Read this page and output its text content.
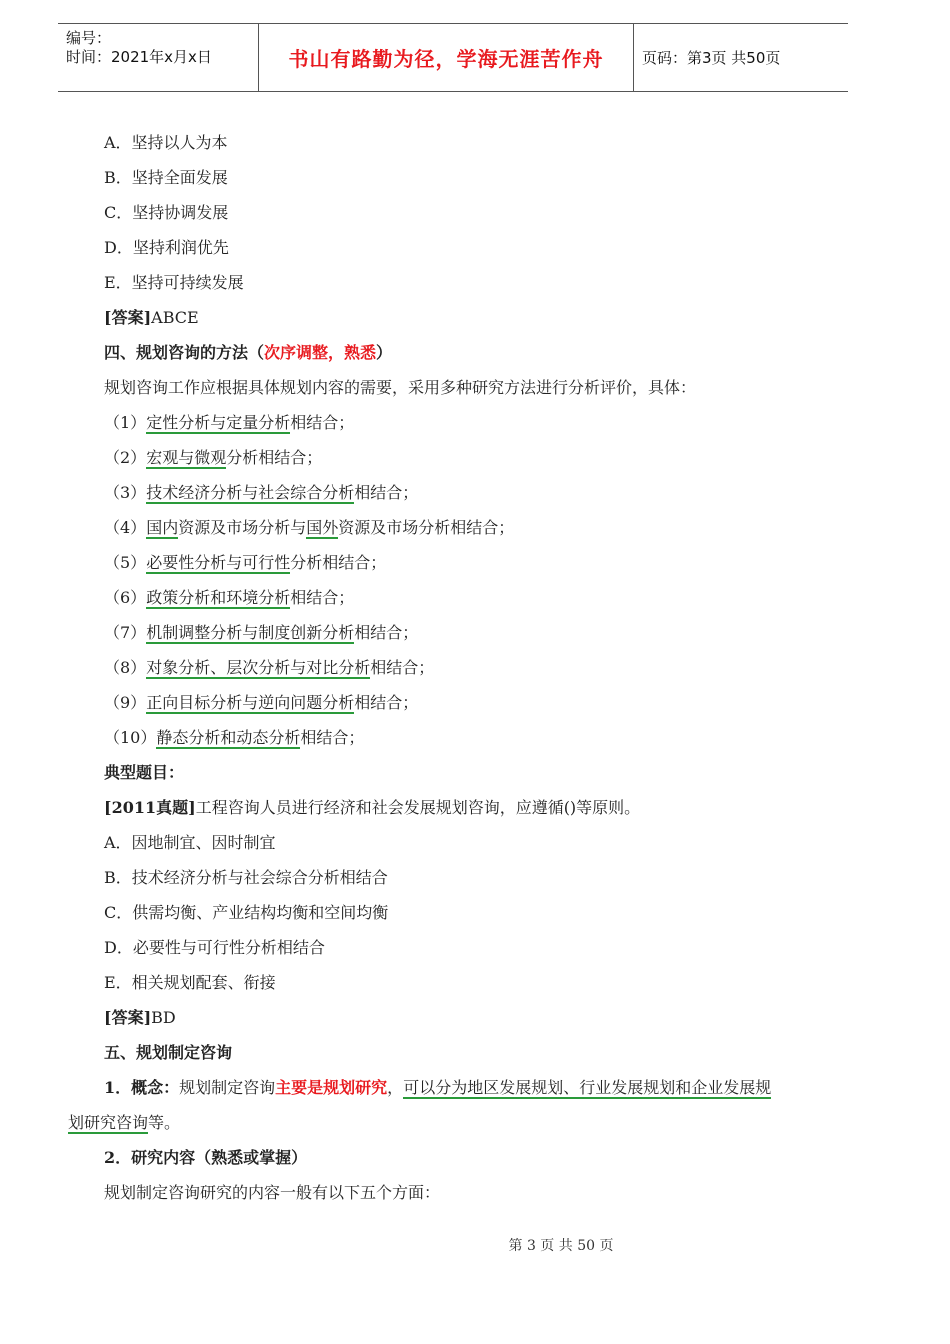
编号：
时间：2021年x月x日	书山有路勤为径，学海无涯苦作舟	页码：第3页 共50页
A．坚持以人为本
B．坚持全面发展
C．坚持协调发展
D．坚持利润优先
E．坚持可持续发展
[答案]ABCE
四、规划咨询的方法（次序调整，熟悉）
规划咨询工作应根据具体规划内容的需要，采用多种研究方法进行分析评价，具体：
（1）定性分析与定量分析相结合；
（2）宏观与微观分析相结合；
（3）技术经济分析与社会综合分析相结合；
（4）国内资源及市场分析与国外资源及市场分析相结合；
（5）必要性分析与可行性分析相结合；
（6）政策分析和环境分析相结合；
（7）机制调整分析与制度创新分析相结合；
（8）对象分析、层次分析与对比分析相结合；
（9）正向目标分析与逆向问题分析相结合；
（10）静态分析和动态分析相结合；
典型题目：
[2011真题]工程咨询人员进行经济和社会发展规划咨询，应遵循()等原则。
A．因地制宜、因时制宜
B．技术经济分析与社会综合分析相结合
C．供需均衡、产业结构均衡和空间均衡
D．必要性与可行性分析相结合
E．相关规划配套、衔接
[答案]BD
五、规划制定咨询
1．概念：规划制定咨询主要是规划研究，可以分为地区发展规划、行业发展规划和企业发展规
划研究咨询等。
2．研究内容（熟悉或掌握）
规划制定咨询研究的内容一般有以下五个方面：
第 3 页 共 50 页
